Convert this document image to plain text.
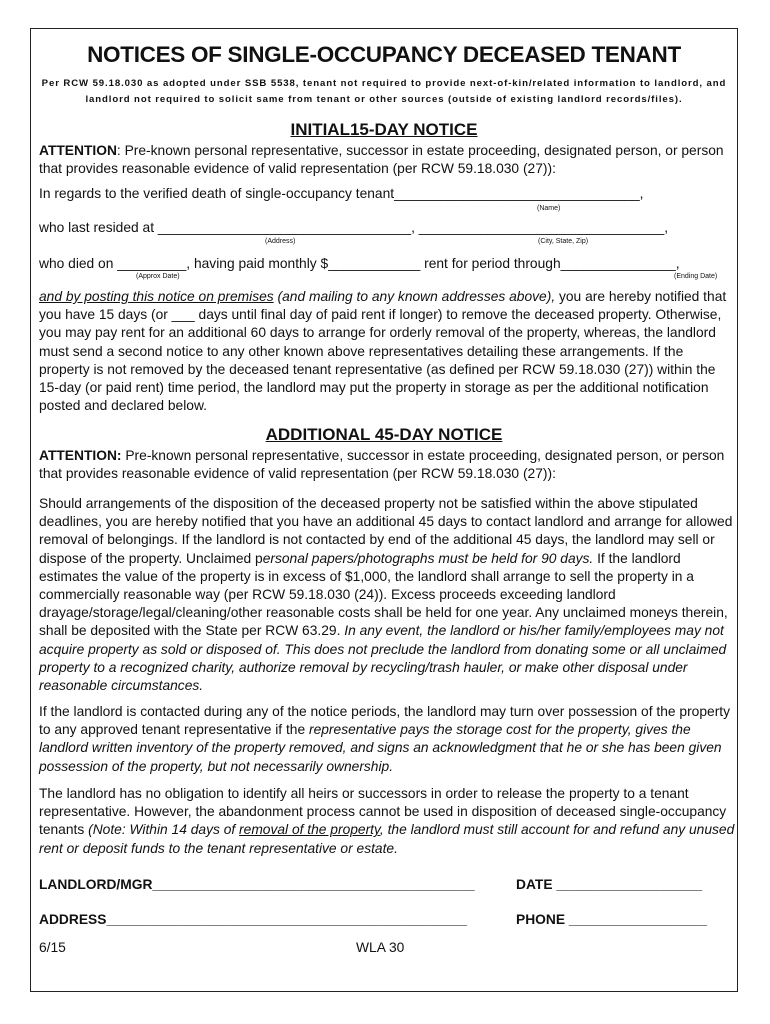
NOTICES OF SINGLE-OCCUPANCY DECEASED TENANT
Per RCW 59.18.030 as adopted under SSB 5538, tenant not required to provide next-of-kin/related information to landlord, and
landlord not required to solicit same from tenant or other sources (outside of existing landlord records/files).
INITIAL15-DAY NOTICE
ATTENTION: Pre-known personal representative, successor in estate proceeding, designated person, or person that provides reasonable evidence of valid representation (per RCW 59.18.030 (27)):
In regards to the verified death of single-occupancy tenant________________________________,
(Name)
who last resided at _________________________________, ________________________________,
(Address)	(City, State, Zip)
who died on _________, having paid monthly $____________ rent for period through_______________,
(Approx Date)	(Ending Date)
and by posting this notice on premises (and mailing to any known addresses above), you are hereby notified that you have 15 days (or ___ days until final day of paid rent if longer) to remove the deceased property. Otherwise, you may pay rent for an additional 60 days to arrange for orderly removal of the property, whereas, the landlord must send a second notice to any other known above representatives detailing these arrangements. If the property is not removed by the deceased tenant representative (as defined per RCW 59.18.030 (27)) within the 15-day (or paid rent) time period, the landlord may put the property in storage as per the additional notification posted and declared below.
ADDITIONAL 45-DAY NOTICE
ATTENTION: Pre-known personal representative, successor in estate proceeding, designated person, or person that provides reasonable evidence of valid representation (per RCW 59.18.030 (27)):
Should arrangements of the disposition of the deceased property not be satisfied within the above stipulated deadlines, you are hereby notified that you have an additional 45 days to contact landlord and arrange for allowed removal of belongings. If the landlord is not contacted by end of the additional 45 days, the landlord may sell or dispose of the property. Unclaimed personal papers/photographs must be held for 90 days. If the landlord estimates the value of the property is in excess of $1,000, the landlord shall arrange to sell the property in a commercially reasonable way (per RCW 59.18.030 (24)). Excess proceeds exceeding landlord drayage/storage/legal/cleaning/other reasonable costs shall be held for one year. Any unclaimed moneys therein, shall be deposited with the State per RCW 63.29. In any event, the landlord or his/her family/employees may not acquire property as sold or disposed of. This does not preclude the landlord from donating some or all unclaimed property to a recognized charity, authorize removal by recycling/trash hauler, or make other disposal under reasonable circumstances.
If the landlord is contacted during any of the notice periods, the landlord may turn over possession of the property to any approved tenant representative if the representative pays the storage cost for the property, gives the landlord written inventory of the property removed, and signs an acknowledgment that he or she has been given possession of the property, but not necessarily ownership.
The landlord has no obligation to identify all heirs or successors in order to release the property to a tenant representative. However, the abandonment process cannot be used in disposition of deceased single-occupancy tenants (Note: Within 14 days of removal of the property, the landlord must still account for and refund any unused rent or deposit funds to the tenant representative or estate.
LANDLORD/MGR__________________________________________	DATE ___________________
ADDRESS_______________________________________________	PHONE __________________
6/15	WLA 30
